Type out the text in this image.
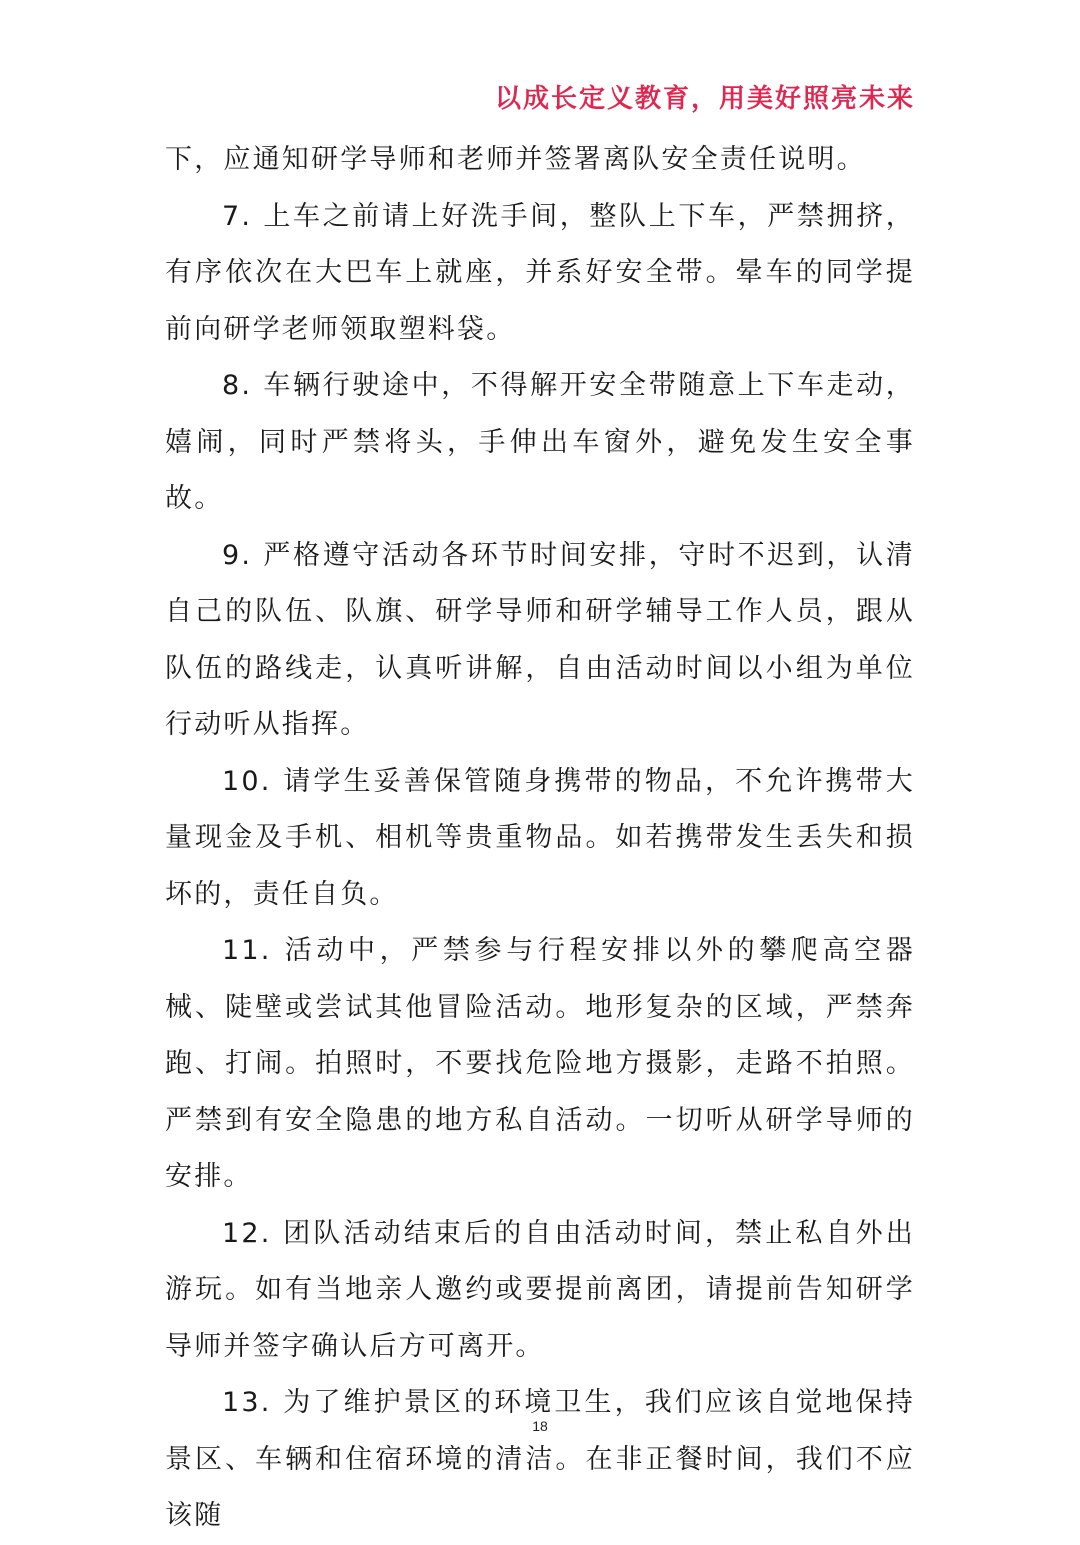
以成长定义教育，用美好照亮未来

下，应通知研学导师和老师并签署离队安全责任说明。

7. 上车之前请上好洗手间，整队上下车，严禁拥挤，有序依次在大巴车上就座，并系好安全带。晕车的同学提前向研学老师领取塑料袋。

8. 车辆行驶途中，不得解开安全带随意上下车走动，嬉闹，同时严禁将头，手伸出车窗外，避免发生安全事故。

9. 严格遵守活动各环节时间安排，守时不迟到，认清自己的队伍、队旗、研学导师和研学辅导工作人员，跟从队伍的路线走，认真听讲解，自由活动时间以小组为单位行动听从指挥。

10. 请学生妥善保管随身携带的物品，不允许携带大量现金及手机、相机等贵重物品。如若携带发生丢失和损坏的，责任自负。

11. 活动中，严禁参与行程安排以外的攀爬高空器械、陡壁或尝试其他冒险活动。地形复杂的区域，严禁奔跑、打闹。拍照时，不要找危险地方摄影，走路不拍照。严禁到有安全隐患的地方私自活动。一切听从研学导师的安排。

12. 团队活动结束后的自由活动时间，禁止私自外出游玩。如有当地亲人邀约或要提前离团，请提前告知研学导师并签字确认后方可离开。

13. 为了维护景区的环境卫生，我们应该自觉地保持景区、车辆和住宿环境的清洁。在非正餐时间，我们不应该随

18
